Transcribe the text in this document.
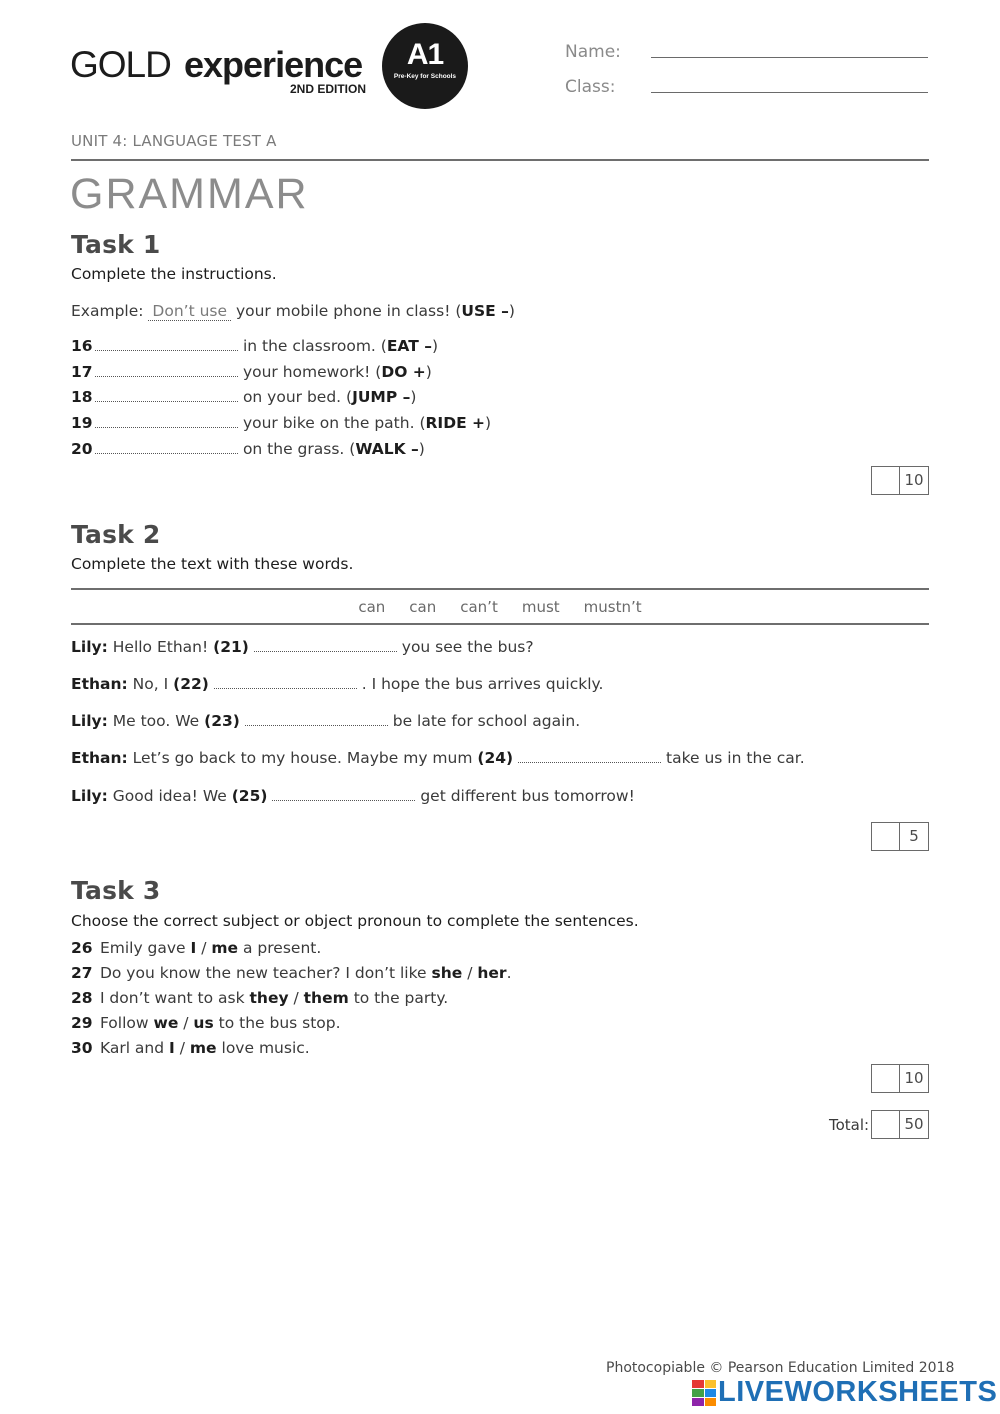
GOLD experience
2ND EDITION
A1
Pre-Key for Schools
Name:
Class:
UNIT 4: LANGUAGE TEST A
GRAMMAR
Task 1
Complete the instructions.
Example: Don’t use your mobile phone in class! (USE –)
16	in the classroom. (EAT –)
17	your homework! (DO +)
18	on your bed. (JUMP –)
19	your bike on the path. (RIDE +)
20	on the grass. (WALK –)
10
Task 2
Complete the text with these words.
can can can’t must mustn’t
Lily: Hello Ethan! (21)	you see the bus?
Ethan: No, I (22)	. I hope the bus arrives quickly.
Lily: Me too. We (23)	be late for school again.
Ethan: Let’s go back to my house. Maybe my mum (24)	take us in the car.
Lily: Good idea! We (25)	get different bus tomorrow!
5
Task 3
Choose the correct subject or object pronoun to complete the sentences.
26 Emily gave I / me a present.
27 Do you know the new teacher? I don’t like she / her.
28 I don’t want to ask they / them to the party.
29 Follow we / us to the bus stop.
30 Karl and I / me love music.
10
Total: 50
Photocopiable © Pearson Education Limited 2018
LIVEWORKSHEETS
